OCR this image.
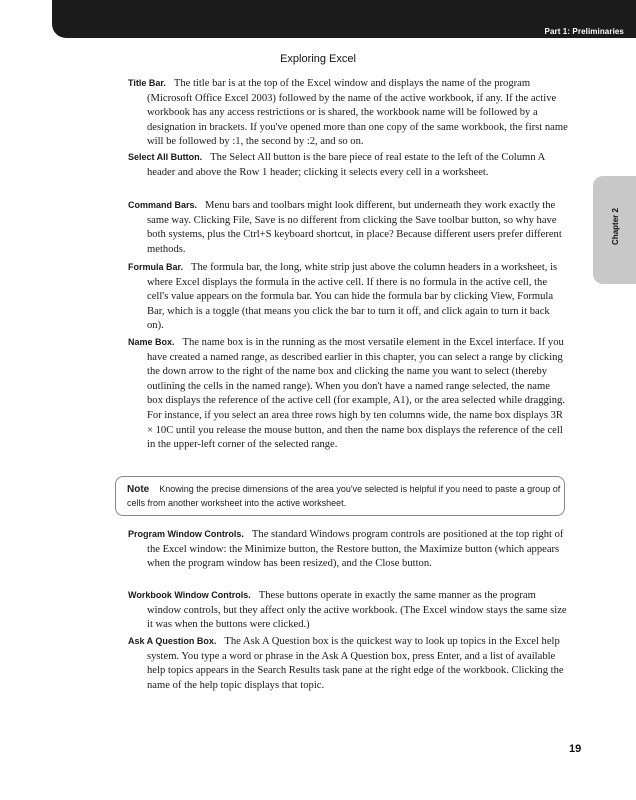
Part 1: Preliminaries
Chapter 2
Exploring Excel

Title Bar. The title bar is at the top of the Excel window and displays the name of the program (Microsoft Office Excel 2003) followed by the name of the active workbook, if any. If the active workbook has any access restrictions or is shared, the workbook name will be followed by a designation in brackets. If you've opened more than one copy of the same workbook, the first name will be followed by :1, the second by :2, and so on.

Select All Button. The Select All button is the bare piece of real estate to the left of the Column A header and above the Row 1 header; clicking it selects every cell in a worksheet.

Command Bars. Menu bars and toolbars might look different, but underneath they work exactly the same way. Clicking File, Save is no different from clicking the Save toolbar button, so why have both systems, plus the Ctrl+S keyboard shortcut, in place? Because different users prefer different methods.

Formula Bar. The formula bar, the long, white strip just above the column headers in a worksheet, is where Excel displays the formula in the active cell. If there is no formula in the active cell, the cell's value appears on the formula bar. You can hide the formula bar by clicking View, Formula Bar, which is a toggle (that means you click the bar to turn it off, and click again to turn it back on).

Name Box. The name box is in the running as the most versatile element in the Excel interface. If you have created a named range, as described earlier in this chapter, you can select a range by clicking the down arrow to the right of the name box and clicking the name you want to select (thereby outlining the cells in the named range). When you don't have a named range selected, the name box displays the reference of the active cell (for example, A1), or the area selected while dragging. For instance, if you select an area three rows high by ten columns wide, the name box displays 3R × 10C until you release the mouse button, and then the name box displays the reference of the cell in the upper-left corner of the selected range.

Note Knowing the precise dimensions of the area you've selected is helpful if you need to paste a group of cells from another worksheet into the active worksheet.

Program Window Controls. The standard Windows program controls are positioned at the top right of the Excel window: the Minimize button, the Restore button, the Maximize button (which appears when the program window has been resized), and the Close button.

Workbook Window Controls. These buttons operate in exactly the same manner as the program window controls, but they affect only the active workbook. (The Excel window stays the same size it was when the buttons were clicked.)

Ask A Question Box. The Ask A Question box is the quickest way to look up topics in the Excel help system. You type a word or phrase in the Ask A Question box, press Enter, and a list of available help topics appears in the Search Results task pane at the right edge of the workbook. Clicking the name of the help topic displays that topic.

19
